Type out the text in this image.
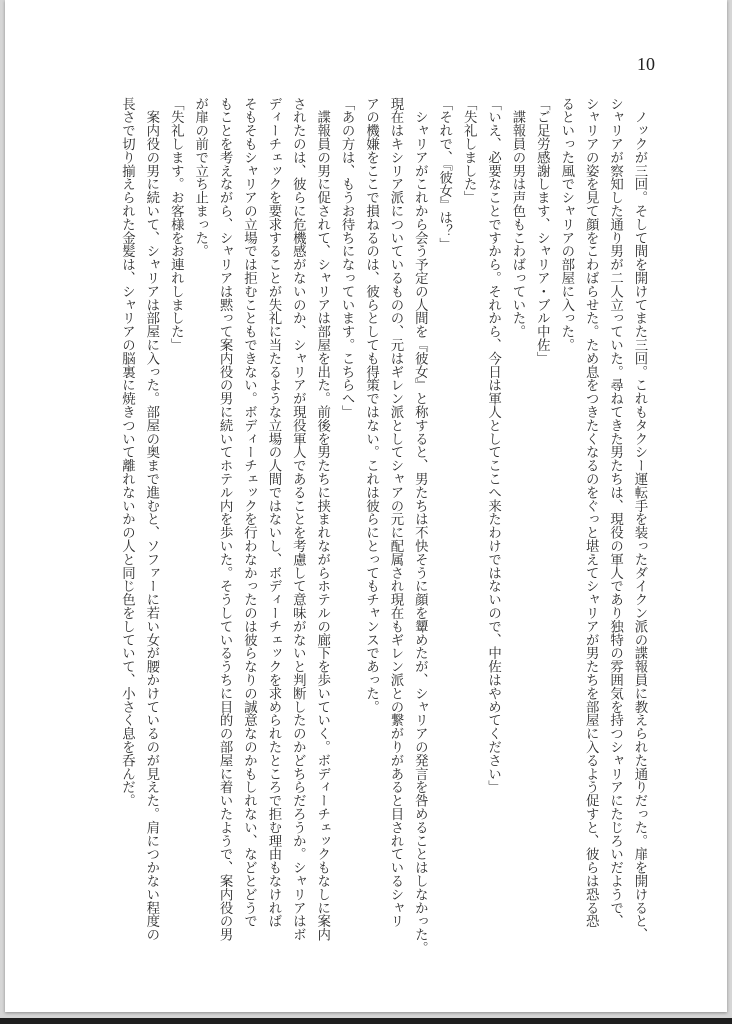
10
　ノックが三回。そして間を開けてまた三回。これもタクシー運転手を装ったダイクン派の諜報員に教えられた通りだった。扉を開けると、
シャリアが察知した通り男が二人立っていた。尋ねてきた男たちは、現役の軍人であり独特の雰囲気を持つシャリアにたじろいだようで、
シャリアの姿を見て顔をこわばらせた。ため息をつきたくなるのをぐっと堪えてシャリアが男たちを部屋に入るよう促すと、彼らは恐る恐
るといった風でシャリアの部屋に入った。
「ご足労感謝します、シャリア・ブル中佐」
　諜報員の男は声色もこわばっていた。
「いえ、必要なことですから。それから、今日は軍人としてここへ来たわけではないので、中佐はやめてください」
「失礼しました」
「それで、『彼女』は？」
　シャリアがこれから会う予定の人間を『彼女』と称すると、男たちは不快そうに顔を顰めたが、シャリアの発言を咎めることはしなかった。
現在はキシリア派についているものの、元はギレン派としてシャアの元に配属され現在もギレン派との繋がりがあると目されているシャリ
アの機嫌をここで損ねるのは、彼らとしても得策ではない。これは彼らにとってもチャンスであった。
「あの方は、もうお待ちになっています。こちらへ」
　諜報員の男に促されて、シャリアは部屋を出た。前後を男たちに挟まれながらホテルの廊下を歩いていく。ボディーチェックもなしに案内
されたのは、彼らに危機感がないのか、シャリアが現役軍人であることを考慮して意味がないと判断したのかどちらだろうか。シャリアはボ
ディーチェックを要求することが失礼に当たるような立場の人間ではないし、ボディーチェックを求められたところで拒む理由もなければ
そもそもシャリアの立場では拒むこともできない。ボディーチェックを行わなかったのは彼らなりの誠意なのかもしれない、などとどうで
もことを考えながら、シャリアは黙って案内役の男に続いてホテル内を歩いた。そうしているうちに目的の部屋に着いたようで、案内役の男
が扉の前で立ち止まった。
「失礼します。お客様をお連れしました」
　案内役の男に続いて、シャリアは部屋に入った。部屋の奥まで進むと、ソファーに若い女が腰かけているのが見えた。肩につかない程度の
長さで切り揃えられた金髪は、シャリアの脳裏に焼きついて離れないかの人と同じ色をしていて、小さく息を呑んだ。
